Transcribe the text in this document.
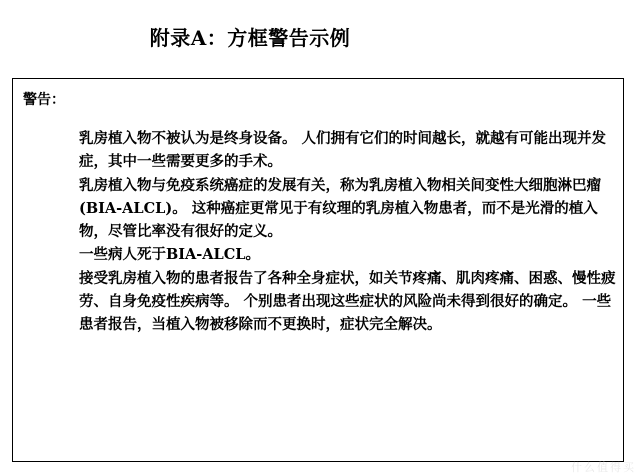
附录A：方框警告示例
警告：

乳房植入物不被认为是终身设备。 人们拥有它们的时间越长，就越有可能出现并发症，其中一些需要更多的手术。

乳房植入物与免疫系统癌症的发展有关，称为乳房植入物相关间变性大细胞淋巴瘤(BIA-ALCL)。 这种癌症更常见于有纹理的乳房植入物患者，而不是光滑的植入物，尽管比率没有很好的定义。

一些病人死于BIA-ALCL。

接受乳房植入物的患者报告了各种全身症状，如关节疼痛、肌肉疼痛、困惑、慢性疲劳、自身免疫性疾病等。 个别患者出现这些症状的风险尚未得到很好的确定。 一些患者报告，当植入物被移除而不更换时，症状完全解决。

什么值得买
